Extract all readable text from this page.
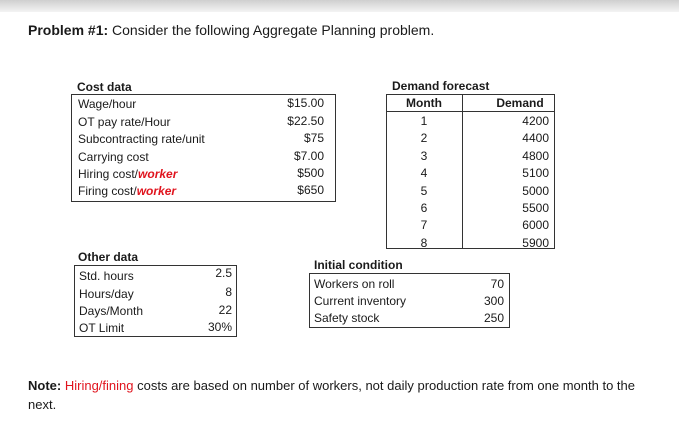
Problem #1: Consider the following Aggregate Planning problem.
Cost data
Wage/hour	$15.00
OT pay rate/Hour	$22.50
Subcontracting rate/unit	$75
Carrying cost	$7.00
Hiring cost/worker	$500
Firing cost/worker	$650
Demand forecast
Month	Demand
1	4200
2	4400
3	4800
4	5100
5	5000
6	5500
7	6000
8	5900
Other data
Std. hours	2.5
Hours/day	8
Days/Month	22
OT Limit	30%
Initial condition
Workers on roll	70
Current inventory	300
Safety stock	250
Note: Hiring/fining costs are based on number of workers, not daily production rate from one month to the next.
